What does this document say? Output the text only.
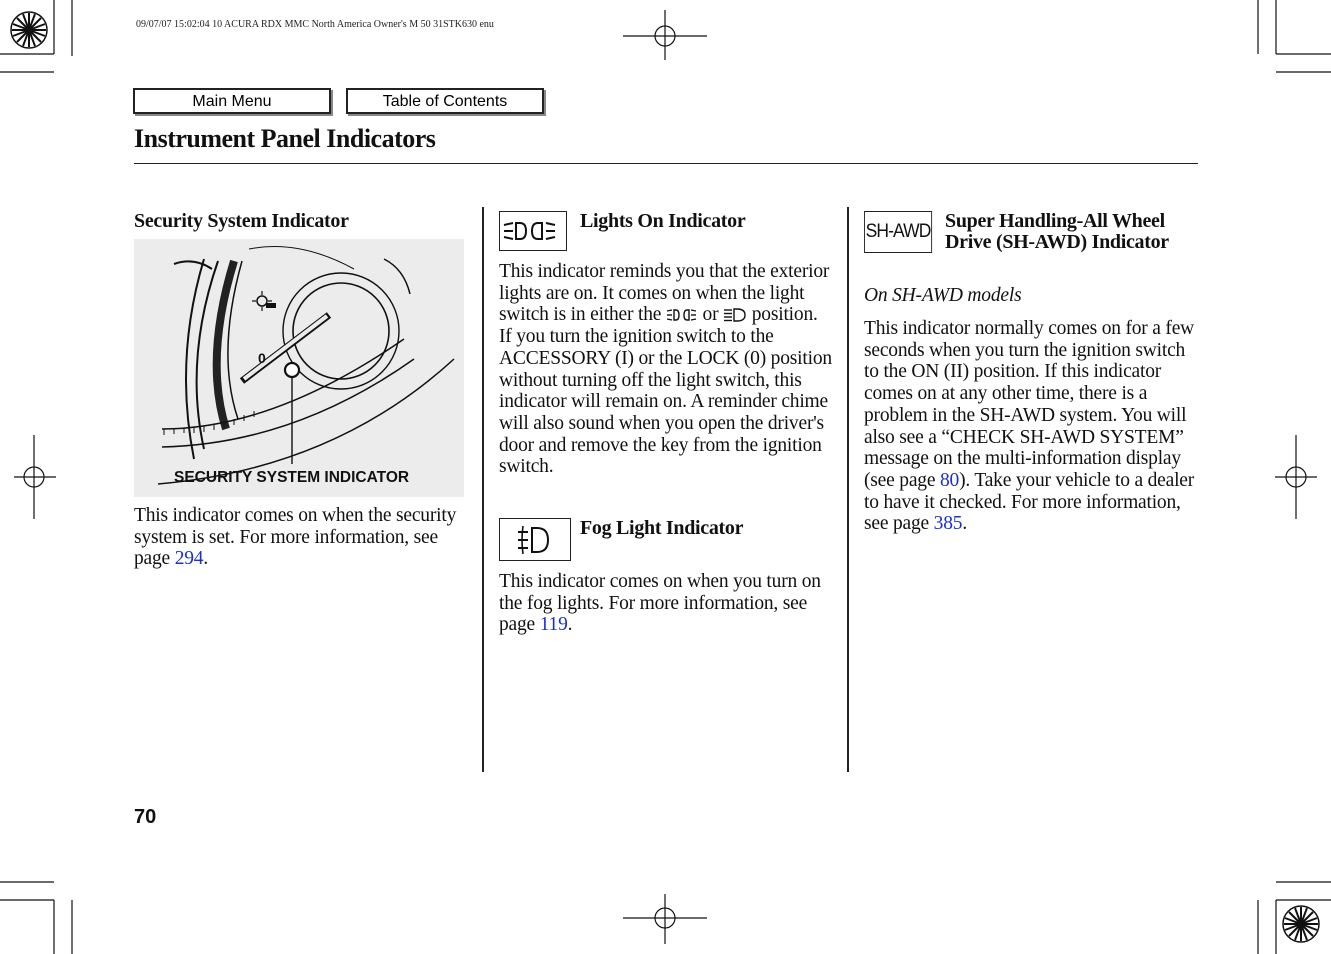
09/07/07 15:02:04 10 ACURA RDX MMC North America Owner's M 50 31STK630 enu
Main Menu	Table of Contents
Instrument Panel Indicators
Security System Indicator
0
SECURITY SYSTEM INDICATOR
This indicator comes on when the security system is set. For more information, see page 294.
Lights On Indicator
This indicator reminds you that the exterior lights are on. It comes on when the light switch is in either the  or  position. If you turn the ignition switch to the ACCESSORY (I) or the LOCK (0) position without turning off the light switch, this indicator will remain on. A reminder chime will also sound when you open the driver's door and remove the key from the ignition switch.
Fog Light Indicator
This indicator comes on when you turn on the fog lights. For more information, see page 119.
SH-AWD Super Handling-All Wheel Drive (SH-AWD) Indicator
On SH-AWD models
This indicator normally comes on for a few seconds when you turn the ignition switch to the ON (II) position. If this indicator comes on at any other time, there is a problem in the SH-AWD system. You will also see a “CHECK SH-AWD SYSTEM” message on the multi-information display (see page 80). Take your vehicle to a dealer to have it checked. For more information, see page 385.
70
